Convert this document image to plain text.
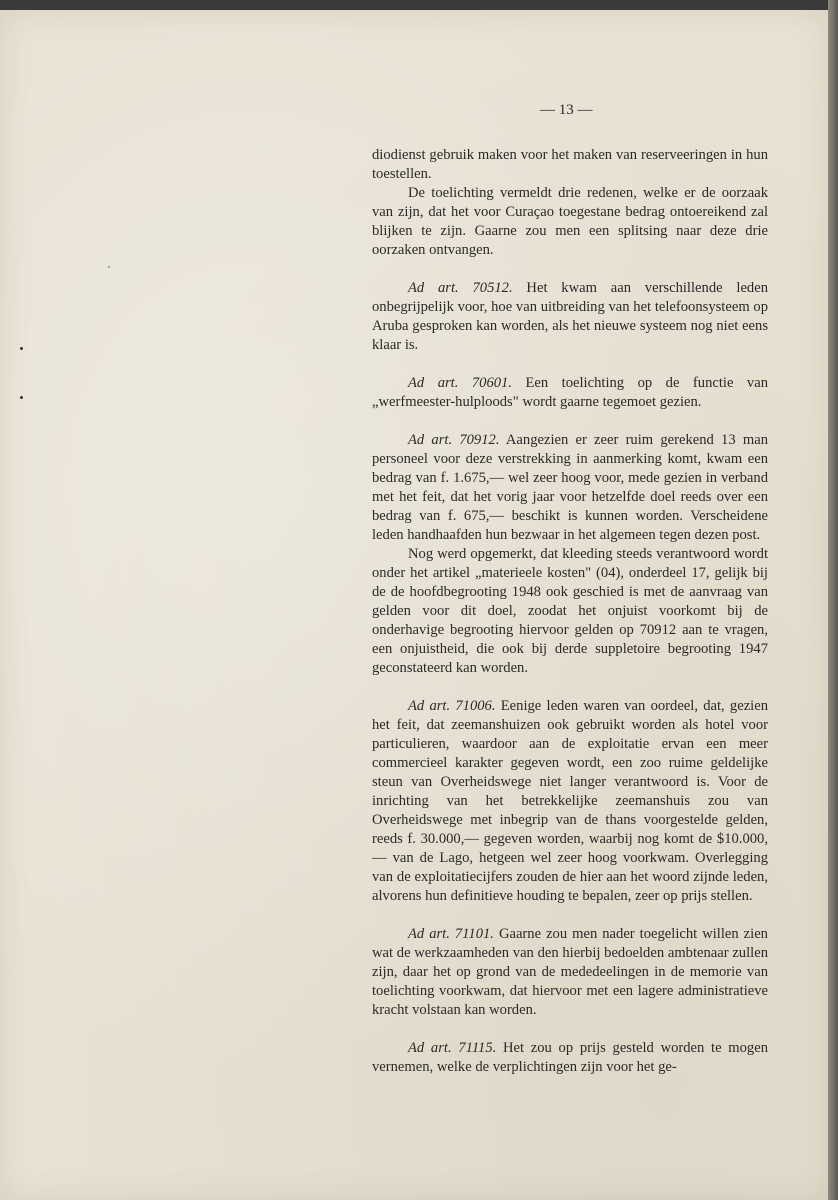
— 13 —

diodienst gebruik maken voor het maken van reserveeringen in hun toestellen.

De toelichting vermeldt drie redenen, welke er de oorzaak van zijn, dat het voor Curaçao toegestane bedrag ontoereikend zal blijken te zijn. Gaarne zou men een splitsing naar deze drie oorzaken ontvangen.

Ad art. 70512. Het kwam aan verschillende leden onbegrijpelijk voor, hoe van uitbreiding van het telefoonsysteem op Aruba gesproken kan worden, als het nieuwe systeem nog niet eens klaar is.

Ad art. 70601. Een toelichting op de functie van „werfmeester-hulploods" wordt gaarne tegemoet gezien.

Ad art. 70912. Aangezien er zeer ruim gerekend 13 man personeel voor deze verstrekking in aanmerking komt, kwam een bedrag van f. 1.675,— wel zeer hoog voor, mede gezien in verband met het feit, dat het vorig jaar voor hetzelfde doel reeds over een bedrag van f. 675,— beschikt is kunnen worden. Verscheidene leden handhaafden hun bezwaar in het algemeen tegen dezen post.

Nog werd opgemerkt, dat kleeding steeds verantwoord wordt onder het artikel „materieele kosten" (04), onderdeel 17, gelijk bij de de hoofdbegrooting 1948 ook geschied is met de aanvraag van gelden voor dit doel, zoodat het onjuist voorkomt bij de onderhavige begrooting hiervoor gelden op 70912 aan te vragen, een onjuistheid, die ook bij derde suppletoire begrooting 1947 geconstateerd kan worden.

Ad art. 71006. Eenige leden waren van oordeel, dat, gezien het feit, dat zeemanshuizen ook gebruikt worden als hotel voor particulieren, waardoor aan de exploitatie ervan een meer commercieel karakter gegeven wordt, een zoo ruime geldelijke steun van Overheidswege niet langer verantwoord is. Voor de inrichting van het betrekkelijke zeemanshuis zou van Overheidswege met inbegrip van de thans voorgestelde gelden, reeds f. 30.000,— gegeven worden, waarbij nog komt de $10.000,— van de Lago, hetgeen wel zeer hoog voorkwam. Overlegging van de exploitatiecijfers zouden de hier aan het woord zijnde leden, alvorens hun definitieve houding te bepalen, zeer op prijs stellen.

Ad art. 71101. Gaarne zou men nader toegelicht willen zien wat de werkzaamheden van den hierbij bedoelden ambtenaar zullen zijn, daar het op grond van de mededeelingen in de memorie van toelichting voorkwam, dat hiervoor met een lagere administratieve kracht volstaan kan worden.

Ad art. 71115. Het zou op prijs gesteld worden te mogen vernemen, welke de verplichtingen zijn voor het ge-
